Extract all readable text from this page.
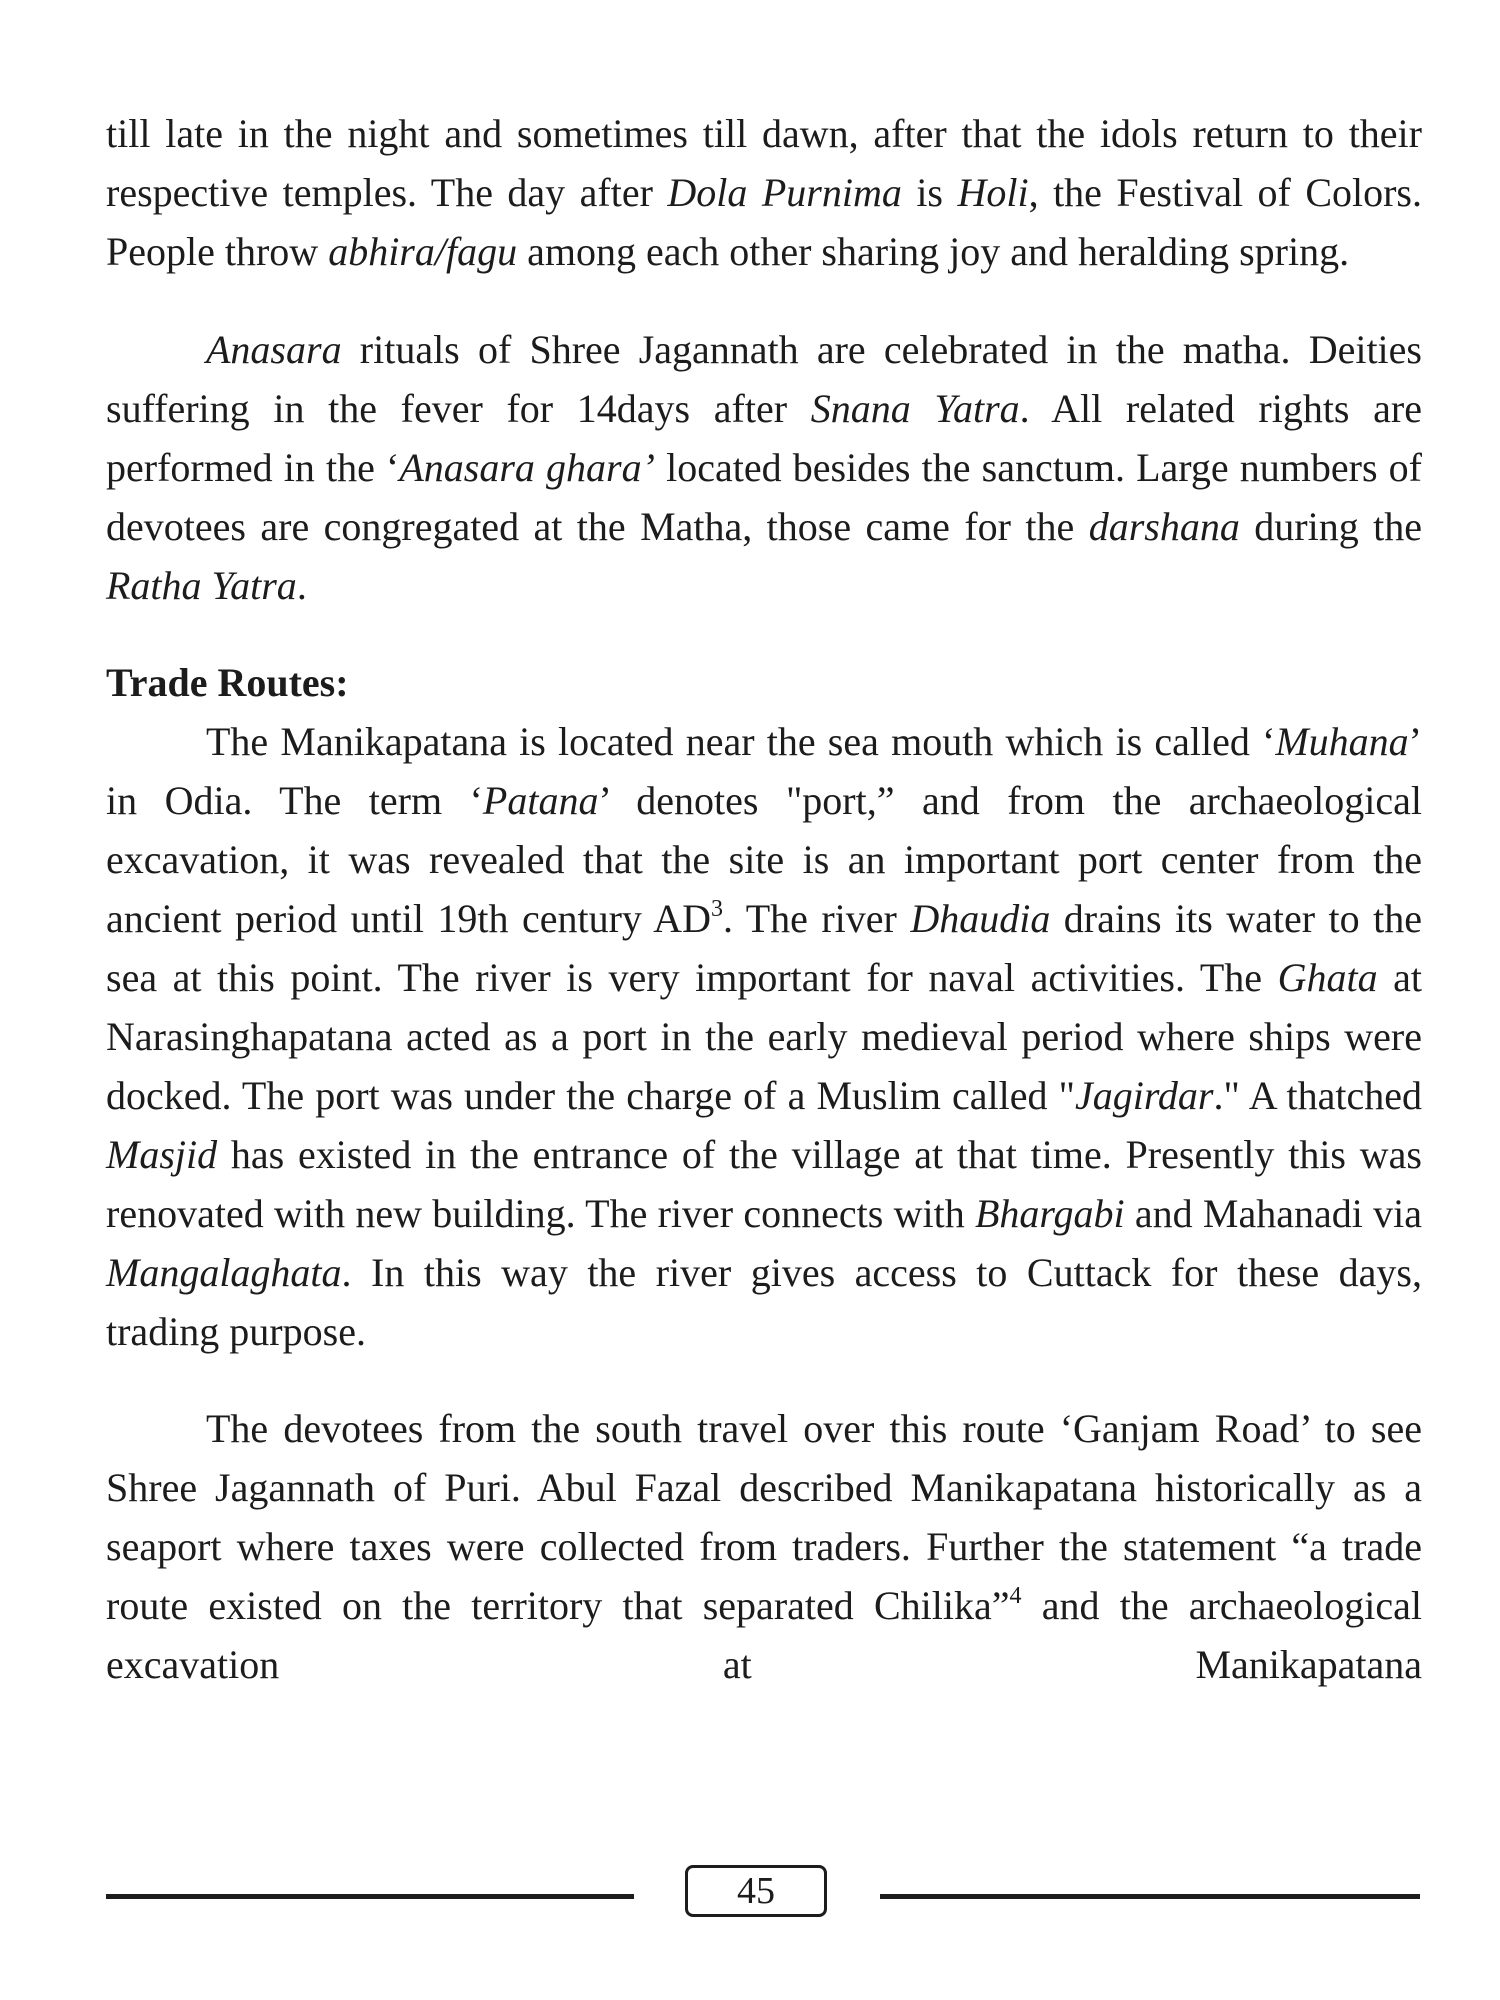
till late in the night and sometimes till dawn, after that the idols return to their respective temples. The day after Dola Purnima is Holi, the Festival of Colors. People throw abhira/fagu among each other sharing joy and heralding spring.

Anasara rituals of Shree Jagannath are celebrated in the matha. Deities suffering in the fever for 14days after Snana Yatra. All related rights are performed in the ‘Anasara ghara’ located besides the sanctum. Large numbers of devotees are congregated at the Matha, those came for the darshana during the Ratha Yatra.

Trade Routes:

The Manikapatana is located near the sea mouth which is called ‘Muhana’ in Odia. The term ‘Patana’ denotes "port,” and from the archaeological excavation, it was revealed that the site is an important port center from the ancient period until 19th century $AD^3$. The river Dhaudia drains its water to the sea at this point. The river is very important for naval activities. The Ghata at Narasinghapatana acted as a port in the early medieval period where ships were docked. The port was under the charge of a Muslim called "Jagirdar." A thatched Masjid has existed in the entrance of the village at that time. Presently this was renovated with new building. The river connects with Bhargabi and Mahanadi via Mangalaghata. In this way the river gives access to Cuttack for these days, trading purpose.

The devotees from the south travel over this route ‘Ganjam Road’ to see Shree Jagannath of Puri. Abul Fazal described Manikapatana historically as a seaport where taxes were collected from traders. Further the statement “a trade route existed on the territory that separated Chilika”$^4$ and the archaeological excavation at Manikapatana

45
